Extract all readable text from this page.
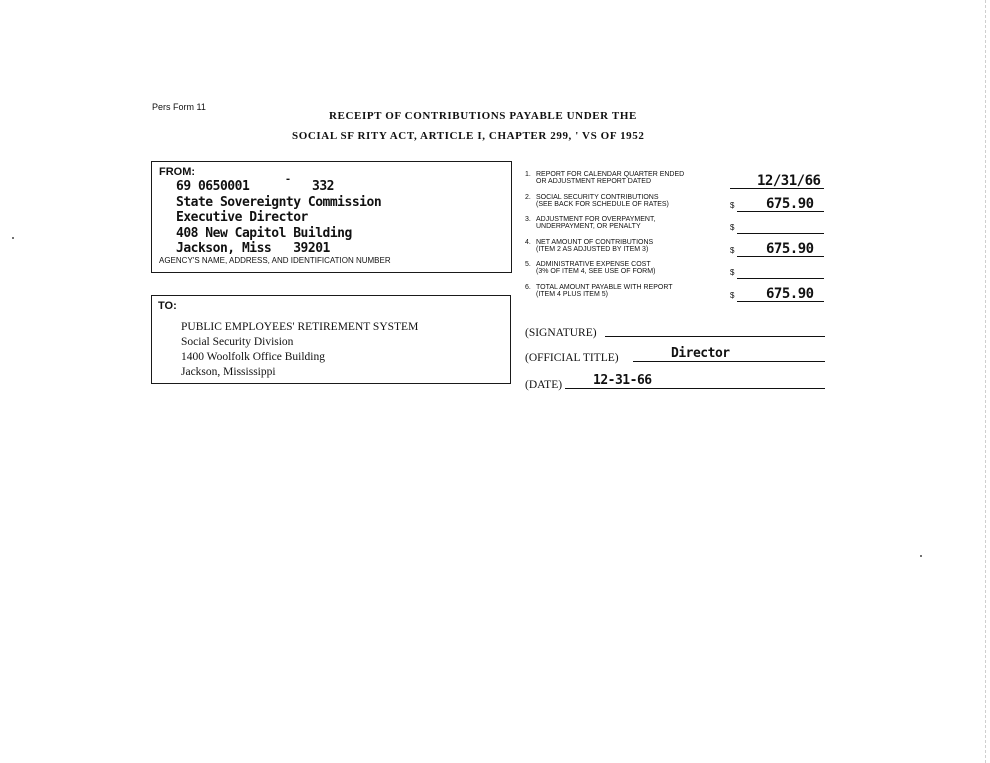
Pers Form 11
RECEIPT OF CONTRIBUTIONS PAYABLE UNDER THE
SOCIAL SF RITY ACT, ARTICLE I, CHAPTER 299, ' VS OF 1952
FROM:
-
69 0650001	332
State Sovereignty Commission
Executive Director
408 New Capitol Building
Jackson, Miss 39201
AGENCY'S NAME, ADDRESS, AND IDENTIFICATION NUMBER
TO:
PUBLIC EMPLOYEES' RETIREMENT SYSTEM
Social Security Division
1400 Woolfolk Office Building
Jackson, Mississippi
1. REPORT FOR CALENDAR QUARTER ENDED
OR ADJUSTMENT REPORT DATED	12/31/66
2. SOCIAL SECURITY CONTRIBUTIONS
(SEE BACK FOR SCHEDULE OF RATES)	$ 675.90
3. ADJUSTMENT FOR OVERPAYMENT,
UNDERPAYMENT, OR PENALTY	$
4. NET AMOUNT OF CONTRIBUTIONS
(ITEM 2 AS ADJUSTED BY ITEM 3)	$ 675.90
5. ADMINISTRATIVE EXPENSE COST
(3% OF ITEM 4, SEE USE OF FORM)	$
6. TOTAL AMOUNT PAYABLE WITH REPORT
(ITEM 4 PLUS ITEM 5)	$ 675.90
(SIGNATURE)
(OFFICIAL TITLE)	Director
(DATE) 12-31-66
